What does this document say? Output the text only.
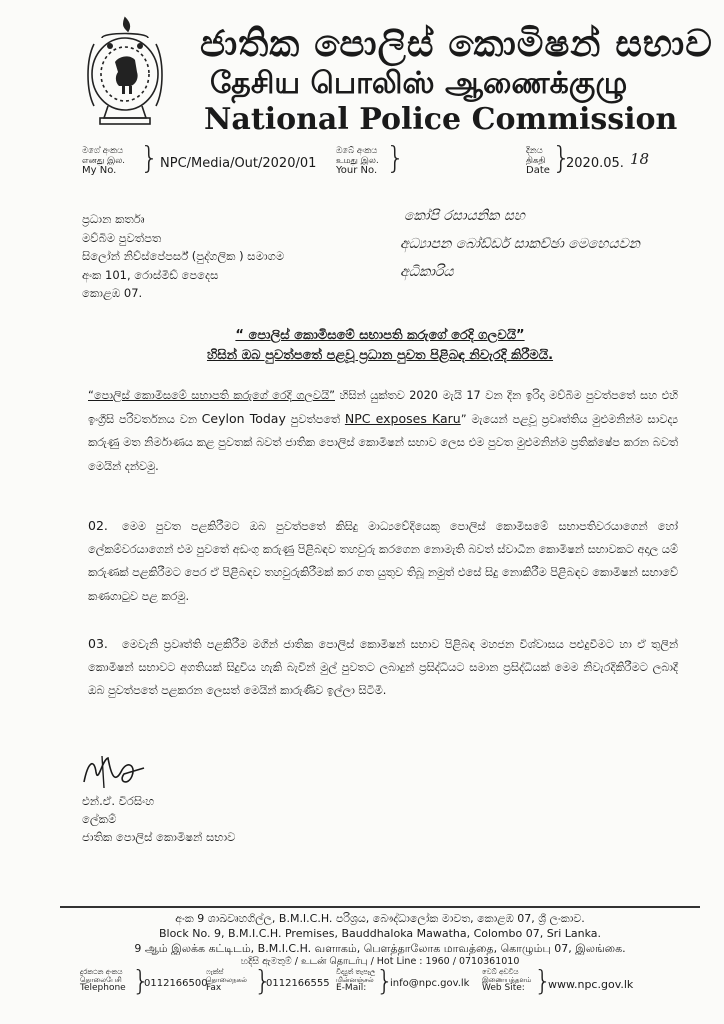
ජාතික පොලිස් කොමිෂන් සභාව
தேசிய பொலிஸ் ஆணைக்குழு
National Police Commission
මගේ අංකය
எனது இல.
My No. } NPC/Media/Out/2020/01
ඔබේ අංකය
உமது இல.
Your No. }	දිනය
திகதி
Date }
2020.05. 18
ප්‍රධාන කර්තෘ
මව්බිම පුවත්පත
සිලෝන් නිව්ස්පේපර්ස් (පුද්ගලික ) සමාගම
අංක 101, රොස්මීඩ් පෙදෙස
කොළඹ 07.
කෝපි රසායනික සහ
අධ්‍යාපන බෝඩ්ඩර් සාකච්ඡා මෙහෙයවන
අධිකාරිය
“ පොලිස් කොමිසමේ සභාපති කරුගේ රෙදි ගලවයි”
හිසින් ඔබ පුවත්පතේ පළවූ ප්‍රධාන පුවත පිළිබඳ නිවැරදි කිරීමයි.
“පොලිස් කොමිසමේ සභාපති කරුගේ රෙදි ගලවයි” හිසින් යුක්තව 2020 මැයි 17 වන දින ඉරිදා මව්බිම පුවත්පතේ සහ එහි ඉංග්‍රීසි පරිවර්තනය වන Ceylon Today පුවත්පතේ NPC exposes Karu” මැයෙන් පළවූ ප්‍රවෘත්තිය මුළුමනින්ම සාවද්‍ය කරුණු මත නිර්මාණය කළ පුවතක් බවත් ජාතික පොලිස් කොමිෂන් සභාව ලෙස එම පුවත මුළුමනින්ම ප්‍රතික්ෂේප කරන බවත් මෙයින් දන්වමු.
02. මෙම පුවත පළකිරීමට ඔබ පුවත්පතේ කිසිදු මාධ්‍යවේදියෙකු පොලිස් කොමිසමේ සභාපතිවරයාගෙන් හෝ ලේකම්වරයාගෙන් එම පුවතේ අඩංගු කරුණු පිළිබඳව තහවුරු කරගෙන නොමැති බවත් ස්වාධීන කොමිෂන් සභාවකට අදාල යම් කරුණක් පළකිරීමට පෙර ඒ පිළිබඳව තහවුරුකිරීමක් කර ගත යුතුව තිබූ නමුත් එසේ සිදු නොකිරීම පිළිබඳව කොමිෂන් සභාවේ කණගාටුව පළ කරමු.
03. මෙවැනි ප්‍රවෘත්ති පළකිරීම මගින් ජාතික පොලිස් කොමිෂන් සභාව පිළිබඳ මහජන විශ්වාසය පළුදුවීමට හා ඒ තුලින් කොමිෂන් සභාවට අගතියක් සිදුවිය හැකි බැවින් මුල් පුවතට ලබාදුන් ප්‍රසිද්ධියට සමාන ප්‍රසිද්ධියක් මෙම නිවැරදිකිරීමට ලබාදී ඔබ පුවත්පතේ පළකරන ලෙසත් මෙයින් කාරුණිව ඉල්ලා සිටිමි.
එන්.ඒ. විරසිංහ
ලේකම්
ජාතික පොලිස් කොමිෂන් සභාව
අංක 9 ශාඛවෘහගිල්ල, B.M.I.C.H. පරිශ්‍රය, බෞද්ධාලෝක මාවත, කොළඹ 07, ශ්‍රී ලංකාව.
Block No. 9, B.M.I.C.H. Premises, Bauddhaloka Mawatha, Colombo 07, Sri Lanka.
9 ஆம் இலக்க கட்டிடம், B.M.I.C.H. வளாகம், பௌத்தாலோக மாவத்தை, கொழும்பு 07, இலங்கை.
හදිසි ඇමතුම් / உடன் தொடர்பு / Hot Line : 1960 / 0710361010
දුරකථන අංකය
தொலைபேசி
Telephone }
0112166500
ෆැක්ස්
தொலைநகல்
Fax	}
0112166555
විද්‍යුත් තැපෑල
மின்னஞ்சல்
E-Mail: }
info@npc.gov.lk
වෙබ් අඩවිය
இணையத்தளம்
Web Site: }
www.npc.gov.lk
